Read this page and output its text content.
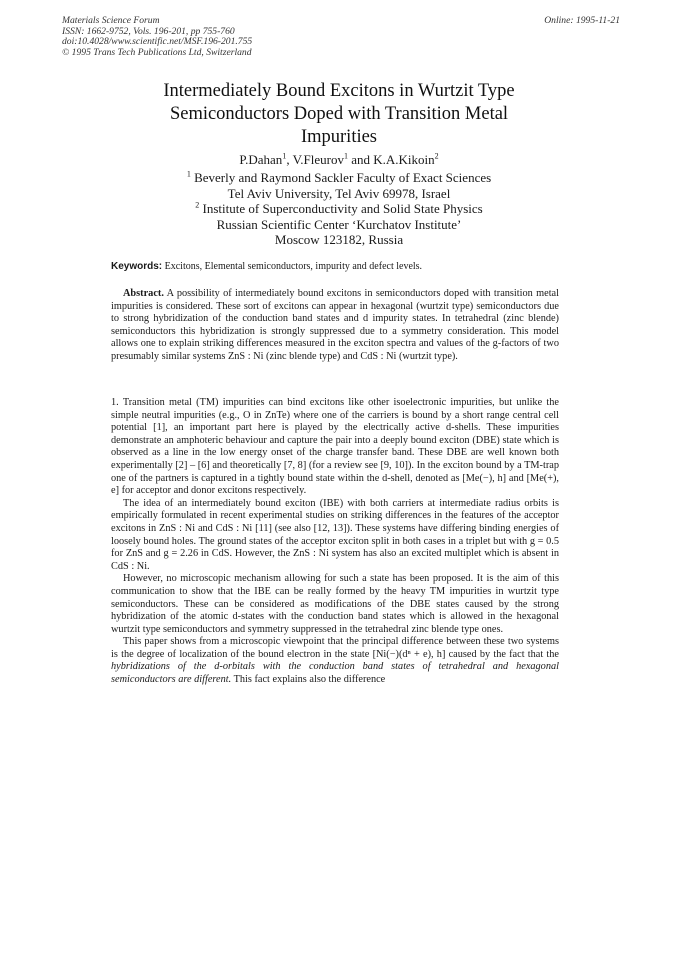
Materials Science Forum
ISSN: 1662-9752, Vols. 196-201, pp 755-760
doi:10.4028/www.scientific.net/MSF.196-201.755
© 1995 Trans Tech Publications Ltd, Switzerland
Online: 1995-11-21
Intermediately Bound Excitons in Wurtzit Type
Semiconductors Doped with Transition Metal
Impurities
P.Dahan$^1$, V.Fleurov$^1$ and K.A.Kikoin$^2$
$^1$ Beverly and Raymond Sackler Faculty of Exact Sciences
Tel Aviv University, Tel Aviv 69978, Israel
$^2$ Institute of Superconductivity and Solid State Physics
Russian Scientific Center ‘Kurchatov Institute’
Moscow 123182, Russia
Keywords: Excitons, Elemental semiconductors, impurity and defect levels.

Abstract. A possibility of intermediately bound excitons in semiconductors doped with transition metal impurities is considered. These sort of excitons can appear in hexagonal (wurtzit type) semiconductors due to strong hybridization of the conduction band states and d impurity states. In tetrahedral (zinc blende) semiconductors this hybridization is strongly suppressed due to a symmetry consideration. This model allows one to explain striking differences measured in the exciton spectra and values of the g-factors of two presumably similar systems ZnS : Ni (zinc blende type) and CdS : Ni (wurtzit type).

1. Transition metal (TM) impurities can bind excitons like other isoelectronic impurities, but unlike the simple neutral impurities (e.g., O in ZnTe) where one of the carriers is bound by a short range central cell potential [1], an important part here is played by the electrically active d-shells. These impurities demonstrate an amphoteric behaviour and capture the pair into a deeply bound exciton (DBE) state which is observed as a line in the low energy onset of the charge transfer band. These DBE are well known both experimentally [2] – [6] and theoretically [7, 8] (for a review see [9, 10]). In the exciton bound by a TM-trap one of the partners is captured in a tightly bound state within the d-shell, denoted as [Me(−), h] and [Me(+), e] for acceptor and donor excitons respectively.

The idea of an intermediately bound exciton (IBE) with both carriers at intermediate radius orbits is empirically formulated in recent experimental studies on striking differences in the features of the acceptor excitons in ZnS : Ni and CdS : Ni [11] (see also [12, 13]). These systems have differing binding energies of loosely bound holes. The ground states of the acceptor exciton split in both cases in a triplet but with g = 0.5 for ZnS and g = 2.26 in CdS. However, the ZnS : Ni system has also an excited multiplet which is absent in CdS : Ni.

However, no microscopic mechanism allowing for such a state has been proposed. It is the aim of this communication to show that the IBE can be really formed by the heavy TM impurities in wurtzit type semiconductors. These can be considered as modifications of the DBE states caused by the strong hybridization of the atomic d-states with the conduction band states which is allowed in the hexagonal wurtzit type semiconductors and symmetry suppressed in the tetrahedral zinc blende type ones.

This paper shows from a microscopic viewpoint that the principal difference between these two systems is the degree of localization of the bound electron in the state [Ni(−)(dⁿ + e), h] caused by the fact that the hybridizations of the d-orbitals with the conduction band states of tetrahedral and hexagonal semiconductors are different. This fact explains also the difference
